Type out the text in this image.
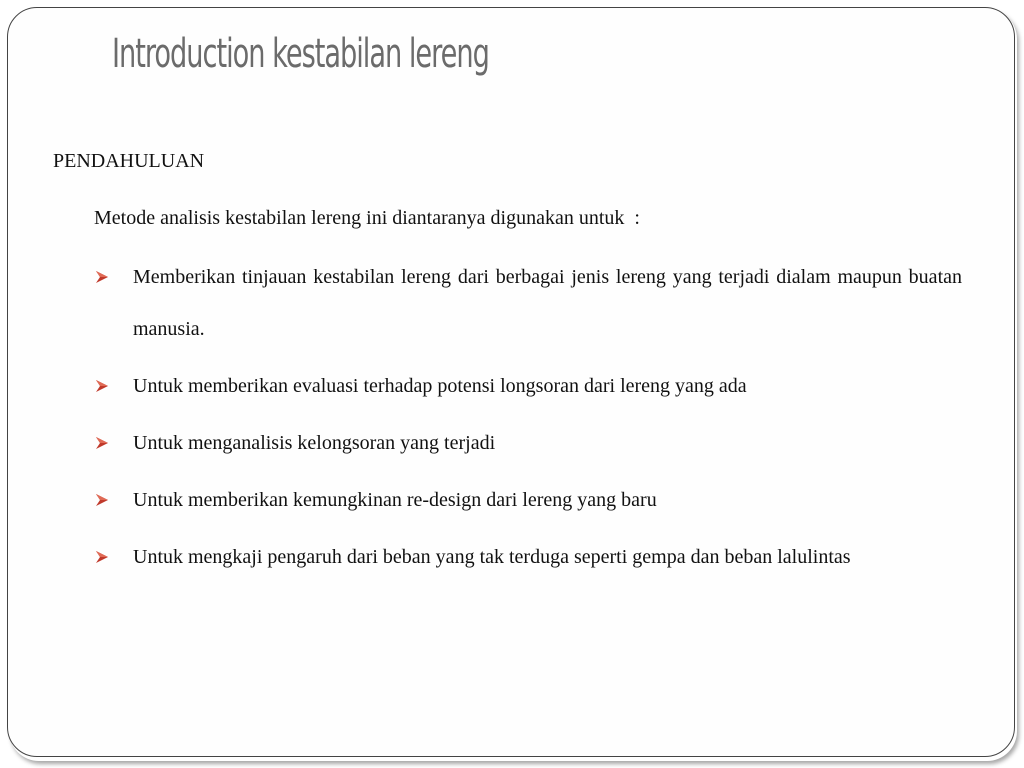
Introduction kestabilan lereng

PENDAHULUAN

Metode analisis kestabilan lereng ini diantaranya digunakan untuk  :

Memberikan tinjauan kestabilan lereng dari berbagai jenis lereng yang terjadi dialam maupun buatan manusia.
Untuk memberikan evaluasi terhadap potensi longsoran dari lereng yang ada
Untuk menganalisis kelongsoran yang terjadi
Untuk memberikan kemungkinan re-design dari lereng yang baru
Untuk mengkaji pengaruh dari beban yang tak terduga seperti gempa dan beban lalulintas
